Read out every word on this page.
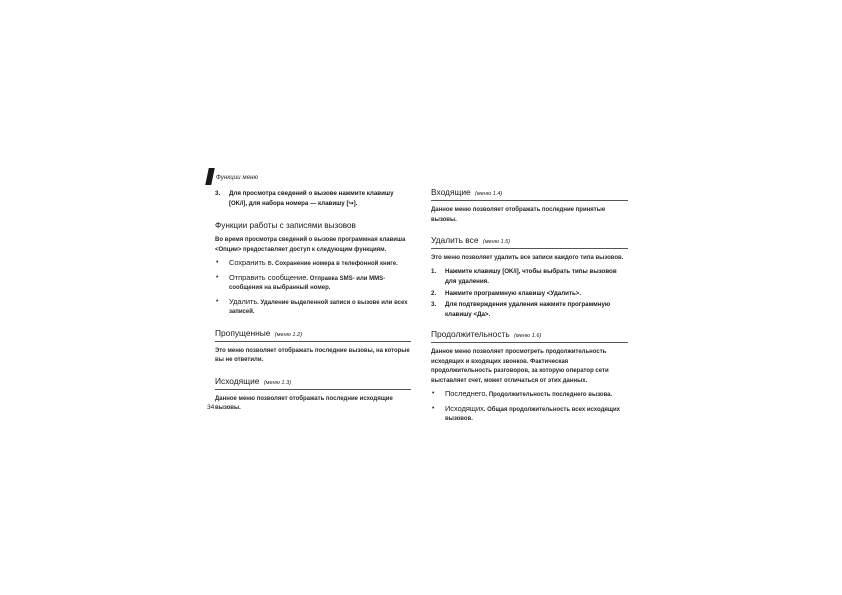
Функции меню
3. Для просмотра сведений о вызове нажмите клавишу [OK/i], для набора номера — клавишу [↪].
Функции работы с записями вызовов

Во время просмотра сведений о вызове программная клавиша <Опции> предоставляет доступ к следующим функциям.

• Сохранить в. Сохранение номера в телефонной книге.
• Отправить сообщение. Отправка SMS- или MMS-сообщения на выбранный номер.
• Удалить. Удаление выделенной записи о вызове или всех записей.
Пропущенные (меню 1.2)

Это меню позволяет отображать последние вызовы, на которые вы не ответили.

Исходящие (меню 1.3)

Данное меню позволяет отображать последние исходящие вызовы.

Входящие (меню 1.4)

Данное меню позволяет отображать последние принятые вызовы.

Удалить все (меню 1.5)

Это меню позволяет удалить все записи каждого типа вызовов.

1. Нажмите клавишу [OK/i], чтобы выбрать типы вызовов для удаления.
2. Нажмите программную клавишу <Удалить>.
3. Для подтверждения удаления нажмите программную клавишу <Да>.
Продолжительность (меню 1.6)

Данное меню позволяет просмотреть продолжительность исходящих и входящих звонков. Фактическая продолжительность разговоров, за которую оператор сети выставляет счет, может отличаться от этих данных.

• Последнего. Продолжительность последнего вызова.
• Исходящих. Общая продолжительность всех исходящих вызовов.
34
